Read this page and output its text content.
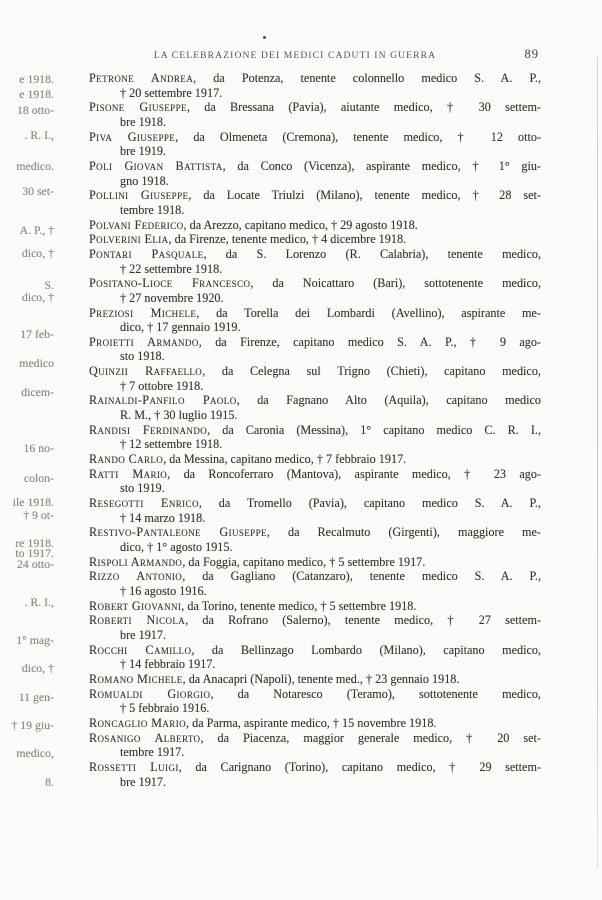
LA CELEBRAZIONE DEI MEDICI CADUTI IN GUERRA	89
Petrone Andrea, da Potenza, tenente colonnello medico S. A. P.,
† 20 settembre 1917.
Pisone Giuseppe, da Bressana (Pavia), aiutante medico, † 30 settem-
bre 1918.
Piva Giuseppe, da Olmeneta (Cremona), tenente medico, † 12 otto-
bre 1919.
Poli Giovan Battista, da Conco (Vicenza), aspirante medico, † 1° giu-
gno 1918.
Pollini Giuseppe, da Locate Triulzi (Milano), tenente medico, † 28 set-
tembre 1918.
Polvani Federico, da Arezzo, capitano medico, † 29 agosto 1918.
Polverini Elia, da Firenze, tenente medico, † 4 dicembre 1918.
Pontari Pasquale, da S. Lorenzo (R. Calabria), tenente medico,
† 22 settembre 1918.
Positano-Lioce Francesco, da Noicattaro (Bari), sottotenente medico,
† 27 novembre 1920.
Preziosi Michele, da Torella dei Lombardi (Avellino), aspirante me-
dico, † 17 gennaio 1919.
Proietti Armando, da Firenze, capitano medico S. A. P., † 9 ago-
sto 1918.
Quinzii Raffaello, da Celegna sul Trigno (Chieti), capitano medico,
† 7 ottobre 1918.
Rainaldi-Panfilo Paolo, da Fagnano Alto (Aquila), capitano medico
R. M., † 30 luglio 1915.
Randisi Ferdinando, da Caronia (Messina), 1° capitano medico C. R. I.,
† 12 settembre 1918.
Rando Carlo, da Messina, capitano medico, † 7 febbraio 1917.
Ratti Mario, da Roncoferraro (Mantova), aspirante medico, † 23 ago-
sto 1919.
Resegotti Enrico, da Tromello (Pavia), capitano medico S. A. P.,
† 14 marzo 1918.
Restivo-Pantaleone Giuseppe, da Recalmuto (Girgenti), maggiore me-
dico, † 1° agosto 1915.
Rispoli Armando, da Foggia, capitano medico, † 5 settembre 1917.
Rizzo Antonio, da Gagliano (Catanzaro), tenente medico S. A. P.,
† 16 agosto 1916.
Robert Giovanni, da Torino, tenente medico, † 5 settembre 1918.
Roberti Nicola, da Rofrano (Salerno), tenente medico, † 27 settem-
bre 1917.
Rocchi Camillo, da Bellinzago Lombardo (Milano), capitano medico,
† 14 febbraio 1917.
Romano Michele, da Anacapri (Napoli), tenente med., † 23 gennaio 1918.
Romualdi Giorgio, da Notaresco (Teramo), sottotenente medico,
† 5 febbraio 1916.
Roncaglio Mario, da Parma, aspirante medico, † 15 novembre 1918.
Rosanigo Alberto, da Piacenza, maggior generale medico, † 20 set-
tembre 1917.
Rossetti Luigi, da Carignano (Torino), capitano medico, † 29 settem-
bre 1917.
e 1918.
e 1918.
18 otto-
. R. I.,
medico.
30 set-
A. P., †
dico, †
S.
dico, †
17 feb-
medico
dicem-
16 no-
colon-
ile 1918.
† 9 ot-
re 1918.
to 1917.
24 otto-
. R. I.,
1° mag-
dico, †
11 gen-
† 19 giu-
medico,
8.
